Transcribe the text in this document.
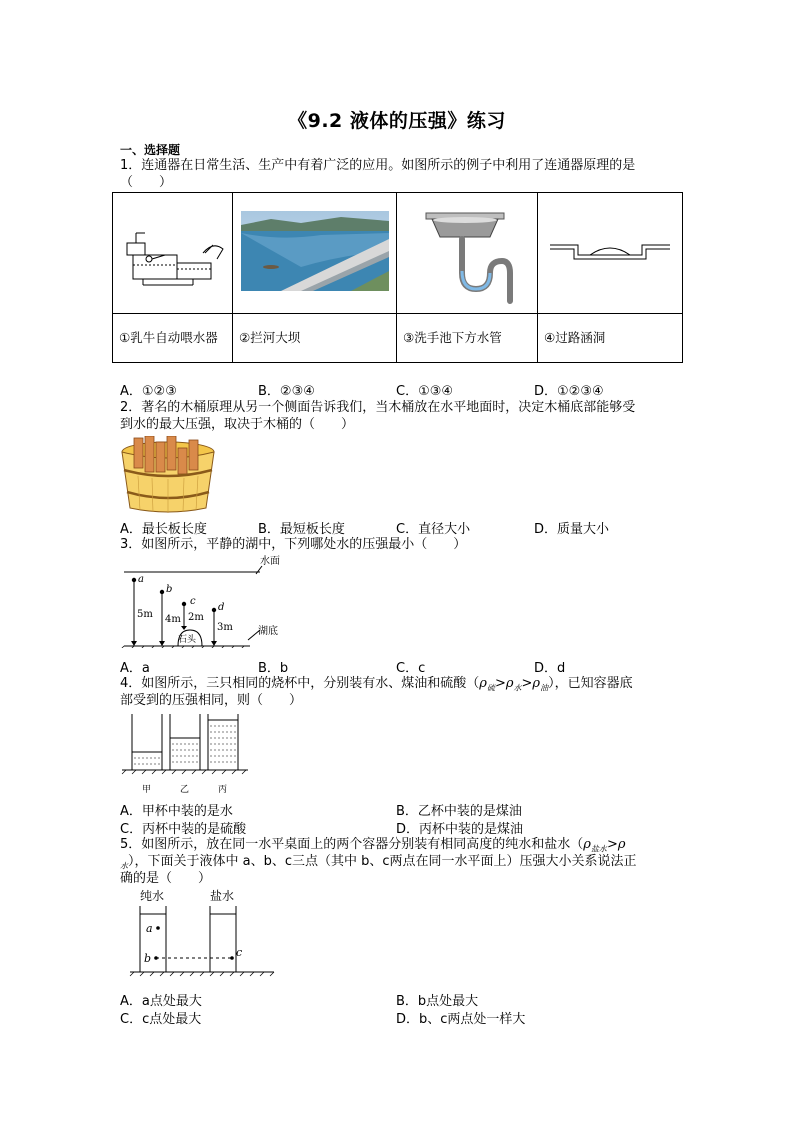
《9.2 液体的压强》练习
一、选择题
1．连通器在日常生活、生产中有着广泛的应用。如图所示的例子中利用了连通器原理的是
（　　）

①乳牛自动喂水器	②拦河大坝	③洗手池下方水管	④过路涵洞
A．①②③	B．②③④	C．①③④	D．①②③④
2．著名的木桶原理从另一个侧面告诉我们，当木桶放在水平地面时，决定木桶底部能够受
到水的最大压强，取决于木桶的（　　）
A．最长板长度	B．最短板长度	C．直径大小	D．质量大小
3．如图所示，平静的湖中，下列哪处水的压强最小（　　）
a
b
c
d
5m 4m 2m
3m
石头
水面
湖底
A．a	B．b	C．c	D．d
4．如图所示，三只相同的烧杯中，分别装有水、煤油和硫酸$(\rho_硫>\rho_水>\rho_油)$，已知容器底
部受到的压强相同，则（　　）
甲	乙	丙
A．甲杯中装的是水	B．乙杯中装的是煤油
C．丙杯中装的是硫酸	D．丙杯中装的是煤油
5．如图所示，放在同一水平桌面上的两个容器分别装有相同高度的纯水和盐水（$\rho_{盐水}>\rho$
$_水$），下面关于液体中 a、b、c三点（其中 b、c两点在同一水平面上）压强大小关系说法正
确的是（　　）
纯水	盐水
a
b	c
A．a点处最大	B．b点处最大
C．c点处最大	D．b、c两点处一样大
